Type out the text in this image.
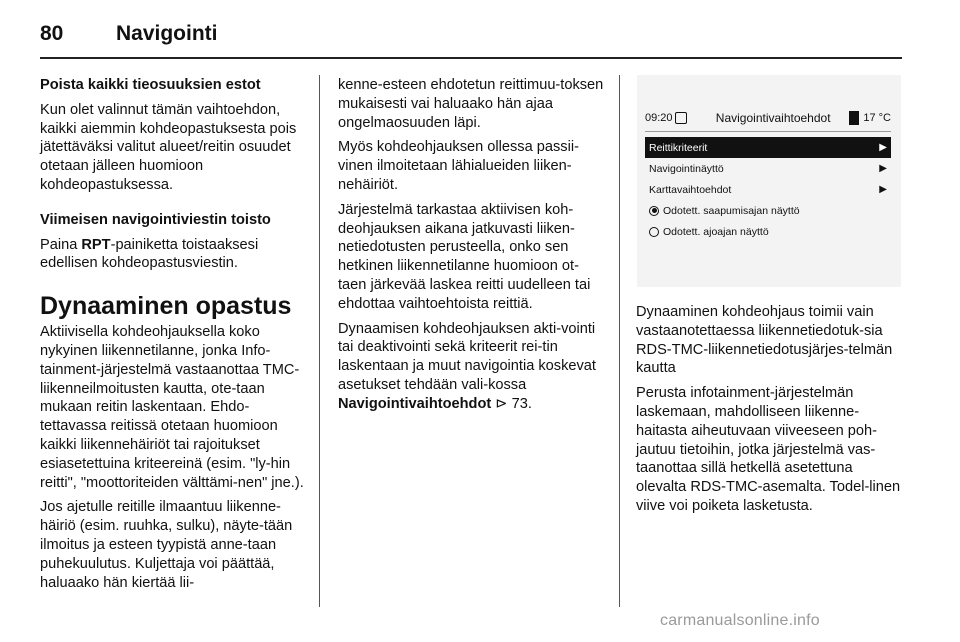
80	Navigointi

Poista kaikki tieosuuksien estot

Kun olet valinnut tämän vaihtoehdon, kaikki aiemmin kohdeopastuksesta pois jätettäväksi valitut alueet/reitin osuudet otetaan jälleen huomioon kohdeopastuksessa.

Viimeisen navigointiviestin toisto

Paina RPT-painiketta toistaaksesi edellisen kohdeopastusviestin.

Dynaaminen opastus

Aktiivisella kohdeohjauksella koko nykyinen liikennetilanne, jonka Info-tainment-järjestelmä vastaanottaa TMC-liikenneilmoitusten kautta, ote-taan mukaan reitin laskentaan. Ehdo-tettavassa reitissä otetaan huomioon kaikki liikennehäiriöt tai rajoitukset esiasetettuina kriteereinä (esim. "ly-hin reitti", "moottoriteiden välttämi-nen" jne.).

Jos ajetulle reitille ilmaantuu liikenne-häiriö (esim. ruuhka, sulku), näyte-tään ilmoitus ja esteen tyypistä anne-taan puhekuulutus. Kuljettaja voi päättää, haluaako hän kiertää lii-

kenne-esteen ehdotetun reittimuu-toksen mukaisesti vai haluaako hän ajaa ongelmaosuuden läpi.

Myös kohdeohjauksen ollessa passii-vinen ilmoitetaan lähialueiden liiken-nehäiriöt.

Järjestelmä tarkastaa aktiivisen koh-deohjauksen aikana jatkuvasti liiken-netiedotusten perusteella, onko sen hetkinen liikennetilanne huomioon ot-taen järkevää laskea reitti uudelleen tai ehdottaa vaihtoehtoista reittiä.

Dynaamisen kohdeohjauksen akti-vointi tai deaktivointi sekä kriteerit rei-tin laskentaan ja muut navigointia koskevat asetukset tehdään vali-kossa Navigointivaihtoehdot ⊳ 73.

09:20	Navigointivaihtoehdot	17 °C
Reittikriteerit	▶
Navigointinäyttö	▶
Karttavaihtoehdot	▶
Odotett. saapumisajan näyttö
Odotett. ajoajan näyttö

Dynaaminen kohdeohjaus toimii vain vastaanotettaessa liikennetiedotuk-sia RDS-TMC-liikennetiedotusjärjes-telmän kautta

Perusta infotainment-järjestelmän laskemaan, mahdolliseen liikenne-haitasta aiheutuvaan viiveeseen poh-jautuu tietoihin, jotka järjestelmä vas-taanottaa sillä hetkellä asetettuna olevalta RDS-TMC-asemalta. Todel-linen viive voi poiketa lasketusta.

carmanualsonline.info
